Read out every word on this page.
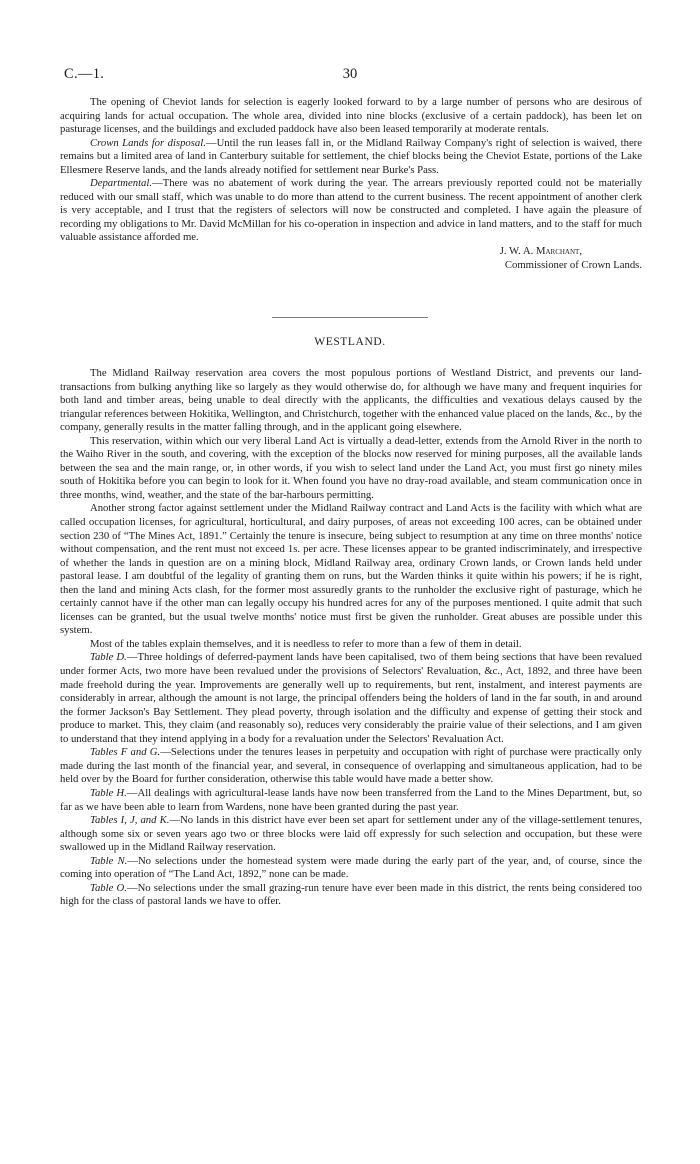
C.—1.	30

The opening of Cheviot lands for selection is eagerly looked forward to by a large number of persons who are desirous of acquiring lands for actual occupation. The whole area, divided into nine blocks (exclusive of a certain paddock), has been let on pasturage licenses, and the buildings and excluded paddock have also been leased temporarily at moderate rentals.

Crown Lands for disposal.—Until the run leases fall in, or the Midland Railway Company's right of selection is waived, there remains but a limited area of land in Canterbury suitable for settlement, the chief blocks being the Cheviot Estate, portions of the Lake Ellesmere Reserve lands, and the lands already notified for settlement near Burke's Pass.

Departmental.—There was no abatement of work during the year. The arrears previously reported could not be materially reduced with our small staff, which was unable to do more than attend to the current business. The recent appointment of another clerk is very acceptable, and I trust that the registers of selectors will now be constructed and completed. I have again the pleasure of recording my obligations to Mr. David McMillan for his co-operation in inspection and advice in land matters, and to the staff for much valuable assistance afforded me.

J. W. A. Marchant,
Commissioner of Crown Lands.
WESTLAND.

The Midland Railway reservation area covers the most populous portions of Westland District, and prevents our land-transactions from bulking anything like so largely as they would otherwise do, for although we have many and frequent inquiries for both land and timber areas, being unable to deal directly with the applicants, the difficulties and vexatious delays caused by the triangular references between Hokitika, Wellington, and Christchurch, together with the enhanced value placed on the lands, &c., by the company, generally results in the matter falling through, and in the applicant going elsewhere.

This reservation, within which our very liberal Land Act is virtually a dead-letter, extends from the Arnold River in the north to the Waiho River in the south, and covering, with the exception of the blocks now reserved for mining purposes, all the available lands between the sea and the main range, or, in other words, if you wish to select land under the Land Act, you must first go ninety miles south of Hokitika before you can begin to look for it. When found you have no dray-road available, and steam communication once in three months, wind, weather, and the state of the bar-harbours permitting.

Another strong factor against settlement under the Midland Railway contract and Land Acts is the facility with which what are called occupation licenses, for agricultural, horticultural, and dairy purposes, of areas not exceeding 100 acres, can be obtained under section 230 of “The Mines Act, 1891.” Certainly the tenure is insecure, being subject to resumption at any time on three months' notice without compensation, and the rent must not exceed 1s. per acre. These licenses appear to be granted indiscriminately, and irrespective of whether the lands in question are on a mining block, Midland Railway area, ordinary Crown lands, or Crown lands held under pastoral lease. I am doubtful of the legality of granting them on runs, but the Warden thinks it quite within his powers; if he is right, then the land and mining Acts clash, for the former most assuredly grants to the runholder the exclusive right of pasturage, which he certainly cannot have if the other man can legally occupy his hundred acres for any of the purposes mentioned. I quite admit that such licenses can be granted, but the usual twelve months' notice must first be given the runholder. Great abuses are possible under this system.

Most of the tables explain themselves, and it is needless to refer to more than a few of them in detail.

Table D.—Three holdings of deferred-payment lands have been capitalised, two of them being sections that have been revalued under former Acts, two more have been revalued under the provisions of Selectors' Revaluation, &c., Act, 1892, and three have been made freehold during the year. Improvements are generally well up to requirements, but rent, instalment, and interest payments are considerably in arrear, although the amount is not large, the principal offenders being the holders of land in the far south, in and around the former Jackson's Bay Settlement. They plead poverty, through isolation and the difficulty and expense of getting their stock and produce to market. This, they claim (and reasonably so), reduces very considerably the prairie value of their selections, and I am given to understand that they intend applying in a body for a revaluation under the Selectors' Revaluation Act.

Tables F and G.—Selections under the tenures leases in perpetuity and occupation with right of purchase were practically only made during the last month of the financial year, and several, in consequence of overlapping and simultaneous application, had to be held over by the Board for further consideration, otherwise this table would have made a better show.

Table H.—All dealings with agricultural-lease lands have now been transferred from the Land to the Mines Department, but, so far as we have been able to learn from Wardens, none have been granted during the past year.

Tables I, J, and K.—No lands in this district have ever been set apart for settlement under any of the village-settlement tenures, although some six or seven years ago two or three blocks were laid off expressly for such selection and occupation, but these were swallowed up in the Midland Railway reservation.

Table N.—No selections under the homestead system were made during the early part of the year, and, of course, since the coming into operation of “The Land Act, 1892,” none can be made.

Table O.—No selections under the small grazing-run tenure have ever been made in this district, the rents being considered too high for the class of pastoral lands we have to offer.
